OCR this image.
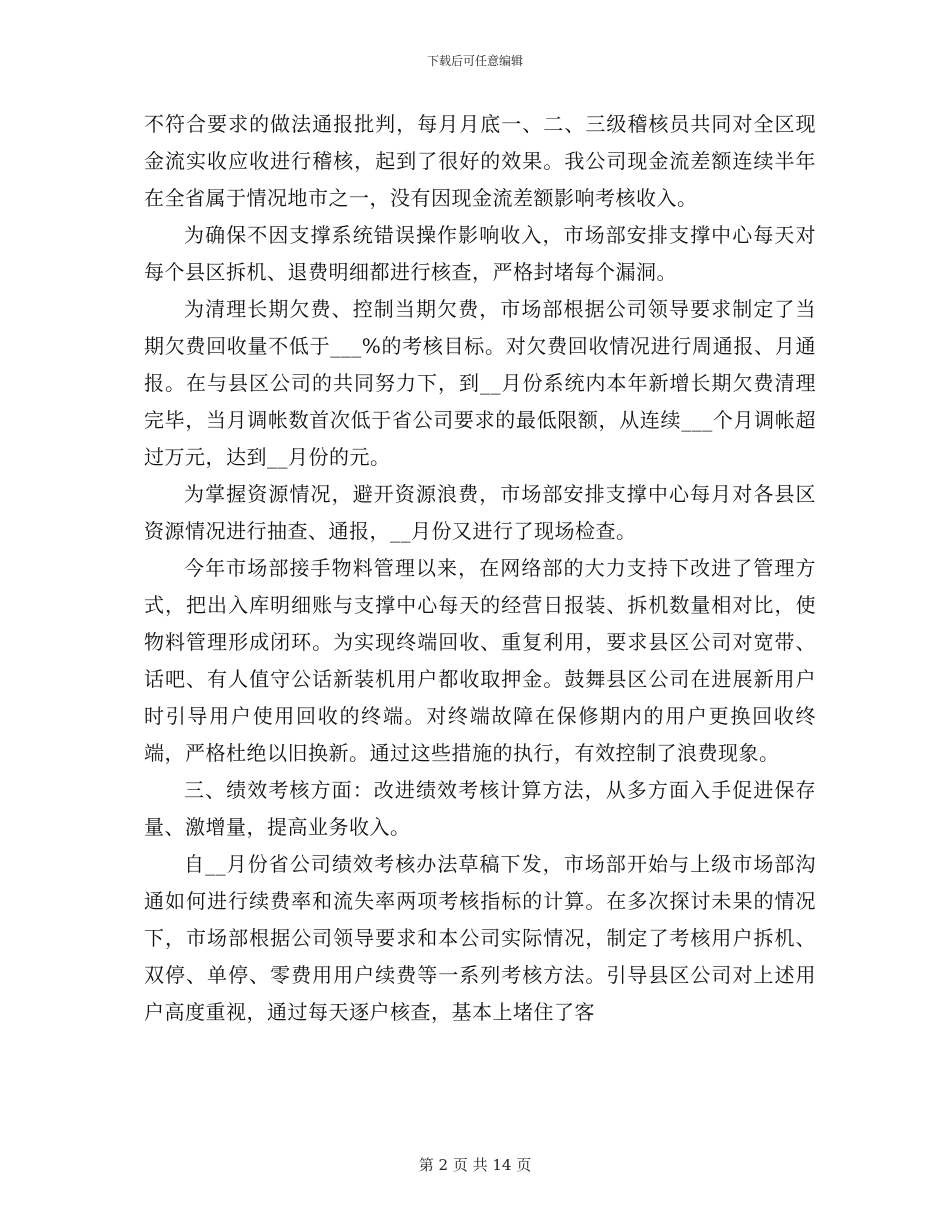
下载后可任意编辑

不符合要求的做法通报批判，每月月底一、二、三级稽核员共同对全区现金流实收应收进行稽核，起到了很好的效果。我公司现金流差额连续半年在全省属于情况地市之一，没有因现金流差额影响考核收入。

为确保不因支撑系统错误操作影响收入，市场部安排支撑中心每天对每个县区拆机、退费明细都进行核查，严格封堵每个漏洞。

为清理长期欠费、控制当期欠费，市场部根据公司领导要求制定了当期欠费回收量不低于___%的考核目标。对欠费回收情况进行周通报、月通报。在与县区公司的共同努力下，到__月份系统内本年新增长期欠费清理完毕，当月调帐数首次低于省公司要求的最低限额，从连续___个月调帐超过万元，达到__月份的元。

为掌握资源情况，避开资源浪费，市场部安排支撑中心每月对各县区资源情况进行抽查、通报，__月份又进行了现场检查。

今年市场部接手物料管理以来，在网络部的大力支持下改进了管理方式，把出入库明细账与支撑中心每天的经营日报装、拆机数量相对比，使物料管理形成闭环。为实现终端回收、重复利用，要求县区公司对宽带、话吧、有人值守公话新装机用户都收取押金。鼓舞县区公司在进展新用户时引导用户使用回收的终端。对终端故障在保修期内的用户更换回收终端，严格杜绝以旧换新。通过这些措施的执行，有效控制了浪费现象。

三、绩效考核方面：改进绩效考核计算方法，从多方面入手促进保存量、激增量，提高业务收入。

自__月份省公司绩效考核办法草稿下发，市场部开始与上级市场部沟通如何进行续费率和流失率两项考核指标的计算。在多次探讨未果的情况下，市场部根据公司领导要求和本公司实际情况，制定了考核用户拆机、双停、单停、零费用用户续费等一系列考核方法。引导县区公司对上述用户高度重视，通过每天逐户核查，基本上堵住了客

第 2 页 共 14 页
